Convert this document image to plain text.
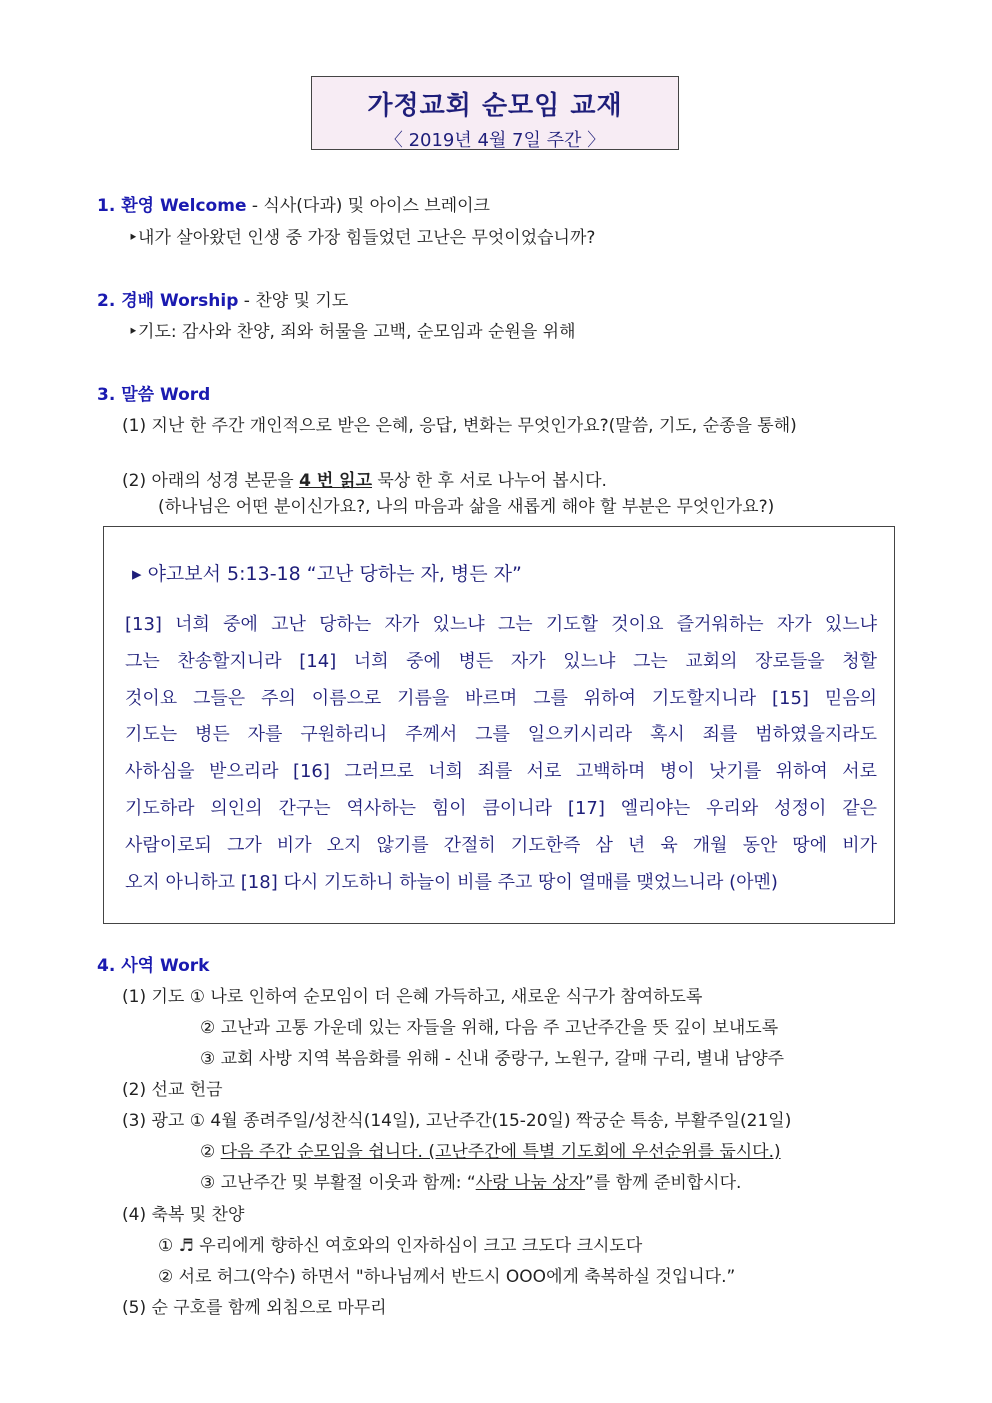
가정교회 순모임 교재
〈 2019년 4월 7일 주간 〉
1. 환영 Welcome - 식사(다과) 및 아이스 브레이크
‣내가 살아왔던 인생 중 가장 힘들었던 고난은 무엇이었습니까?
2. 경배 Worship - 찬양 및 기도
‣기도: 감사와 찬양, 죄와 허물을 고백, 순모임과 순원을 위해
3. 말씀 Word
(1) 지난 한 주간 개인적으로 받은 은혜, 응답, 변화는 무엇인가요?(말씀, 기도, 순종을 통해)
(2) 아래의 성경 본문을 4 번 읽고 묵상 한 후 서로 나누어 봅시다.
(하나님은 어떤 분이신가요?, 나의 마음과 삶을 새롭게 해야 할 부분은 무엇인가요?)
▸ 야고보서 5:13-18 “고난 당하는 자, 병든 자”
[13] 너희 중에 고난 당하는 자가 있느냐 그는 기도할 것이요 즐거워하는 자가 있느냐
그는 찬송할지니라 [14] 너희 중에 병든 자가 있느냐 그는 교회의 장로들을 청할
것이요 그들은 주의 이름으로 기름을 바르며 그를 위하여 기도할지니라 [15] 믿음의
기도는 병든 자를 구원하리니 주께서 그를 일으키시리라 혹시 죄를 범하였을지라도
사하심을 받으리라 [16] 그러므로 너희 죄를 서로 고백하며 병이 낫기를 위하여 서로
기도하라 의인의 간구는 역사하는 힘이 큼이니라 [17] 엘리야는 우리와 성정이 같은
사람이로되 그가 비가 오지 않기를 간절히 기도한즉 삼 년 육 개월 동안 땅에 비가

오지 아니하고 [18] 다시 기도하니 하늘이 비를 주고 땅이 열매를 맺었느니라 (아멘)
4. 사역 Work
(1) 기도 ① 나로 인하여 순모임이 더 은혜 가득하고, 새로운 식구가 참여하도록
② 고난과 고통 가운데 있는 자들을 위해, 다음 주 고난주간을 뜻 깊이 보내도록
③ 교회 사방 지역 복음화를 위해 - 신내 중랑구, 노원구, 갈매 구리, 별내 남양주
(2) 선교 헌금
(3) 광고 ① 4월 종려주일/성찬식(14일), 고난주간(15-20일) 짝궁순 특송, 부활주일(21일)
② 다음 주간 순모임을 쉽니다. (고난주간에 특별 기도회에 우선순위를 둡시다.)
③ 고난주간 및 부활절 이웃과 함께: “사랑 나눔 상자”를 함께 준비합시다.
(4) 축복 및 찬양
① ♬ 우리에게 향하신 여호와의 인자하심이 크고 크도다 크시도다
② 서로 허그(악수) 하면서 "하나님께서 반드시 OOO에게 축복하실 것입니다.”
(5) 순 구호를 함께 외침으로 마무리
